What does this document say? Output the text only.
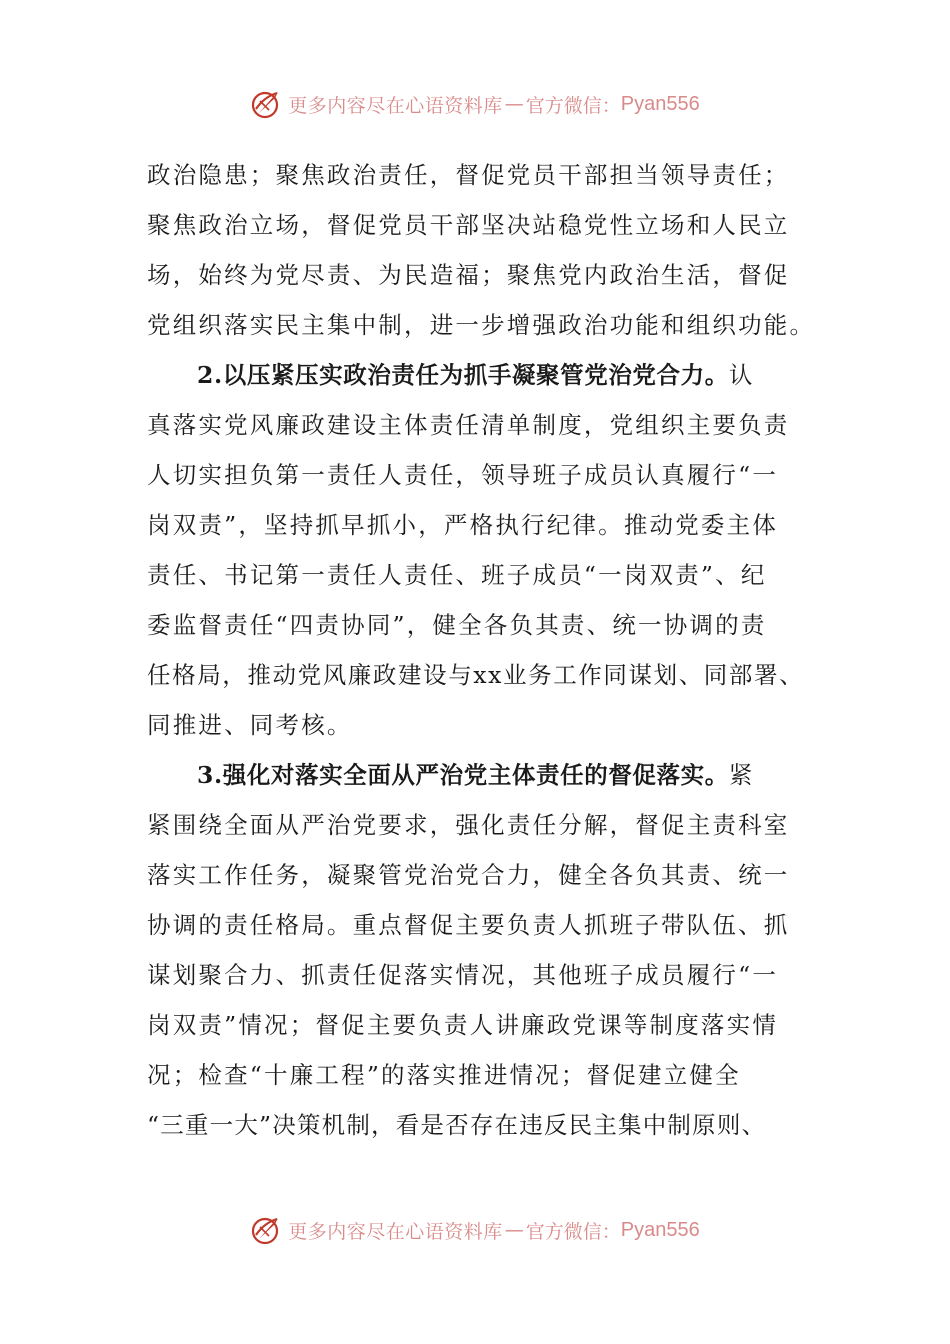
更多内容尽在心语资料库 — 官方微信： Pyan556
政治隐患；聚焦政治责任，督促党员干部担当领导责任；
聚焦政治立场，督促党员干部坚决站稳党性立场和人民立
场，始终为党尽责、为民造福；聚焦党内政治生活，督促
党组织落实民主集中制，进一步增强政治功能和组织功能。
2.以压紧压实政治责任为抓手凝聚管党治党合力。认
真落实党风廉政建设主体责任清单制度，党组织主要负责
人切实担负第一责任人责任，领导班子成员认真履行“一
岗双责”，坚持抓早抓小，严格执行纪律。推动党委主体
责任、书记第一责任人责任、班子成员“一岗双责”、纪
委监督责任“四责协同”，健全各负其责、统一协调的责
任格局，推动党风廉政建设与xx业务工作同谋划、同部署、
同推进、同考核。
3.强化对落实全面从严治党主体责任的督促落实。紧
紧围绕全面从严治党要求，强化责任分解，督促主责科室
落实工作任务，凝聚管党治党合力，健全各负其责、统一
协调的责任格局。重点督促主要负责人抓班子带队伍、抓
谋划聚合力、抓责任促落实情况，其他班子成员履行“一
岗双责”情况；督促主要负责人讲廉政党课等制度落实情
况；检查“十廉工程”的落实推进情况；督促建立健全
“三重一大”决策机制，看是否存在违反民主集中制原则、
更多内容尽在心语资料库 — 官方微信： Pyan556
